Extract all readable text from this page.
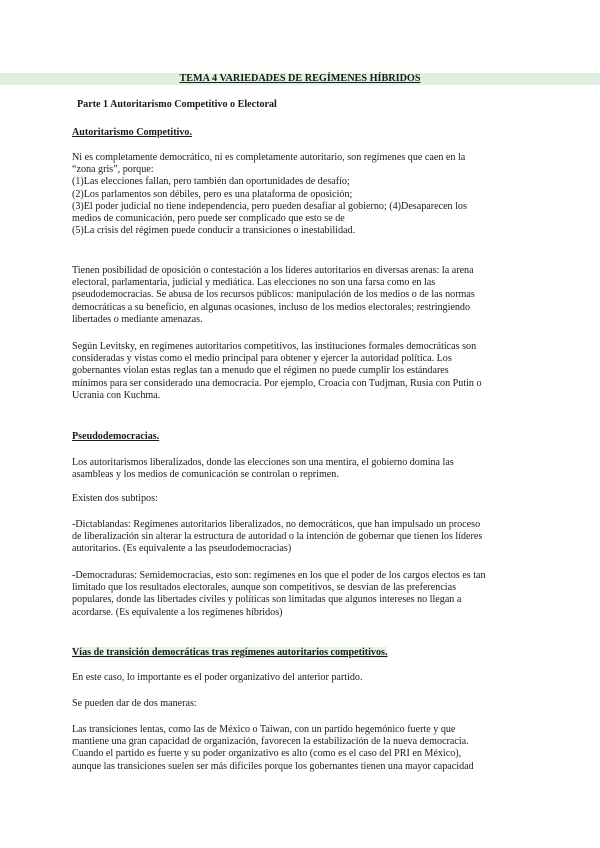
TEMA 4 VARIEDADES DE REGÍMENES HÍBRIDOS
Parte 1 Autoritarismo Competitivo o Electoral
Autoritarismo Competitivo.
Ni es completamente democrático, ni es completamente autoritario, son regímenes que caen en la
“zona gris”, porque:
(1)Las elecciones fallan, pero también dan oportunidades de desafío;
(2)Los parlamentos son débiles, pero es una plataforma de oposición;
(3)El poder judicial no tiene independencia, pero pueden desafiar al gobierno; (4)Desaparecen los
medios de comunicación, pero puede ser complicado que esto se de
(5)La crisis del régimen puede conducir a transiciones o inestabilidad.
Tienen posibilidad de oposición o contestación a los líderes autoritarios en diversas arenas: la arena
electoral, parlamentaria, judicial y mediática. Las elecciones no son una farsa como en las
pseudodemocracias. Se abusa de los recursos públicos: manipulación de los medios o de las normas
democráticas a su beneficio, en algunas ocasiones, incluso de los medios electorales; restringiendo
libertades o mediante amenazas.
Según Levitsky, en regímenes autoritarios competitivos, las instituciones formales democráticas son
consideradas y vistas como el medio principal para obtener y ejercer la autoridad política. Los
gobernantes violan estas reglas tan a menudo que el régimen no puede cumplir los estándares
mínimos para ser considerado una democracia. Por ejemplo, Croacia con Tudjman, Rusia con Putin o
Ucrania con Kuchma.
Pseudodemocracias.
Los autoritarismos liberalizados, donde las elecciones son una mentira, el gobierno domina las
asambleas y los medios de comunicación se controlan o reprimen.
Existen dos subtipos:
-Dictablandas: Regímenes autoritarios liberalizados, no democráticos, que han impulsado un proceso
de liberalización sin alterar la estructura de autoridad o la intención de gobernar que tienen los líderes
autoritarios. (Es equivalente a las pseudodemocracias)
-Democraduras: Semidemocracias, esto son: regímenes en los que el poder de los cargos electos es tan
limitado que los resultados electorales, aunque son competitivos, se desvían de las preferencias
populares, donde las libertades civiles y políticas son limitadas que algunos intereses no llegan a
acordarse. (Es equivalente a los regímenes híbridos)
Vías de transición democráticas tras regímenes autoritarios competitivos.
En este caso, lo importante es el poder organizativo del anterior partido.
Se pueden dar de dos maneras:
Las transiciones lentas, como las de México o Taiwan, con un partido hegemónico fuerte y que
mantiene una gran capacidad de organización, favorecen la estabilización de la nueva democracia.
Cuando el partido es fuerte y su poder organizativo es alto (como es el caso del PRI en México),
aunque las transiciones suelen ser más difíciles porque los gobernantes tienen una mayor capacidad
